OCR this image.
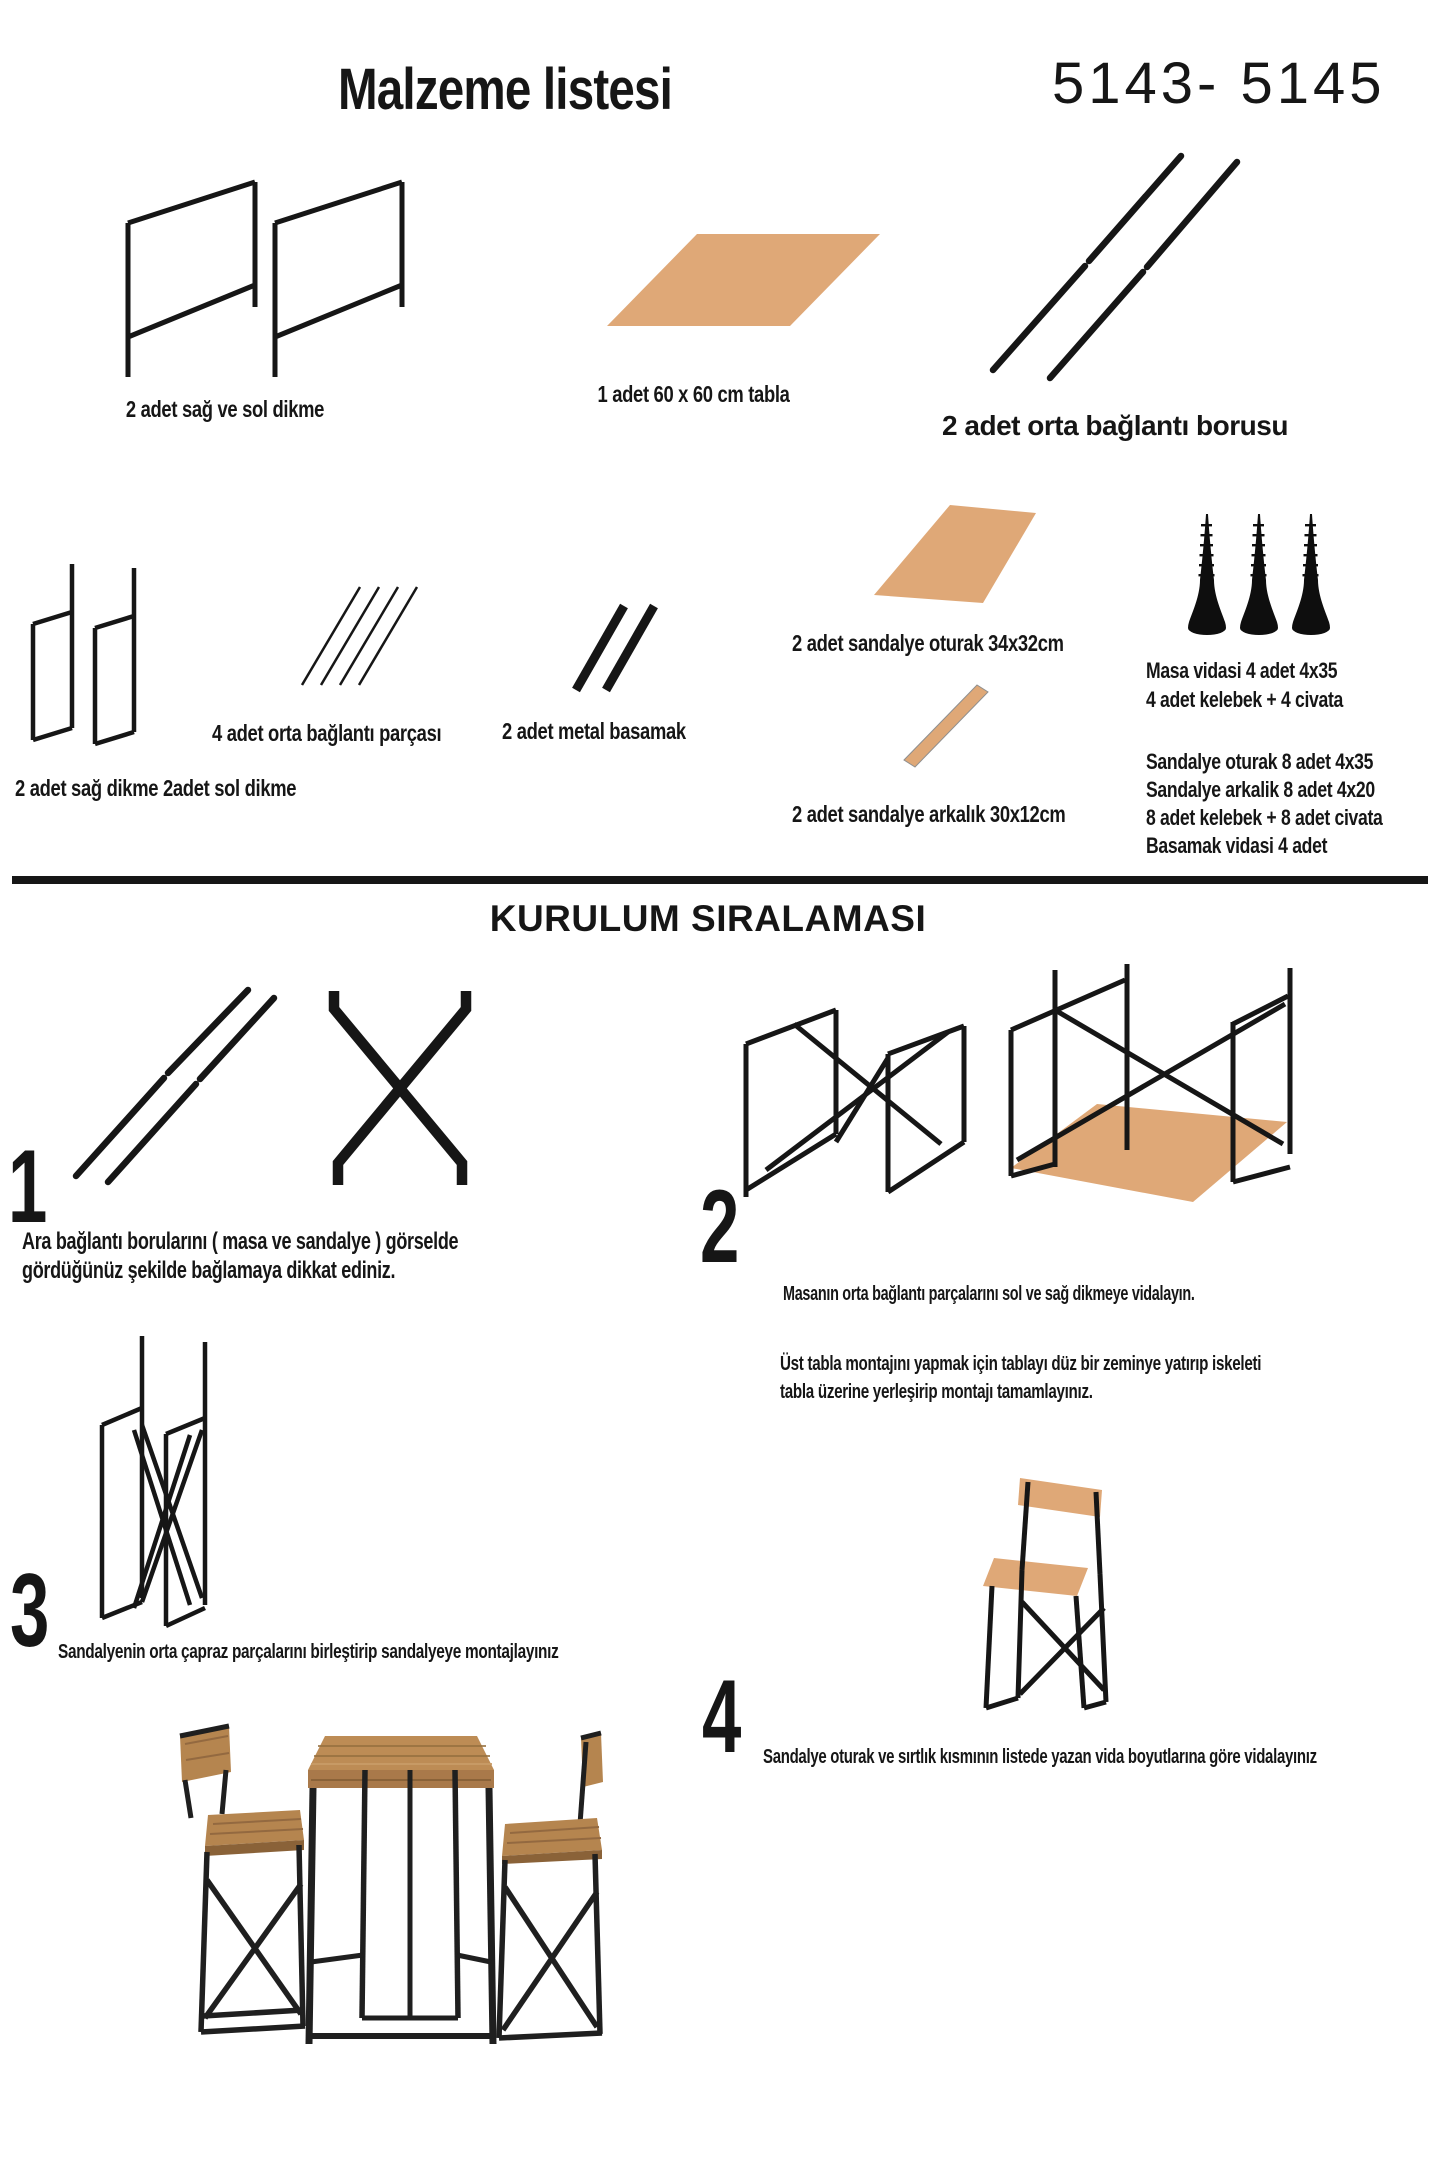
Malzeme listesi	5143- 5145
2 adet sağ ve sol dikme
1 adet 60 x 60 cm tabla
2 adet orta bağlantı borusu
2 adet sağ dikme 2adet sol dikme
4 adet orta bağlantı parçası	2 adet metal basamak
2 adet sandalye oturak 34x32cm
2 adet sandalye arkalık 30x12cm
Masa vidasi 4 adet 4x35
4 adet kelebek + 4 civata
Sandalye oturak 8 adet 4x35
Sandalye arkalik 8 adet 4x20
8 adet kelebek + 8 adet civata
Basamak vidasi 4 adet
KURULUM SIRALAMASI
1
Ara bağlantı borularını ( masa ve sandalye ) görselde
gördüğünüz şekilde bağlamaya dikkat ediniz.	2
Masanın orta bağlantı parçalarını sol ve sağ dikmeye vidalayın.
Üst tabla montajını yapmak için tablayı düz bir zeminye yatırıp iskeleti
tabla üzerine yerleşirip montajı tamamlayınız.
3 Sandalyenin orta çapraz parçalarını birleştirip sandalyeye montajlayınız
4 Sandalye oturak ve sırtlık kısmının listede yazan vida boyutlarına göre vidalayınız
